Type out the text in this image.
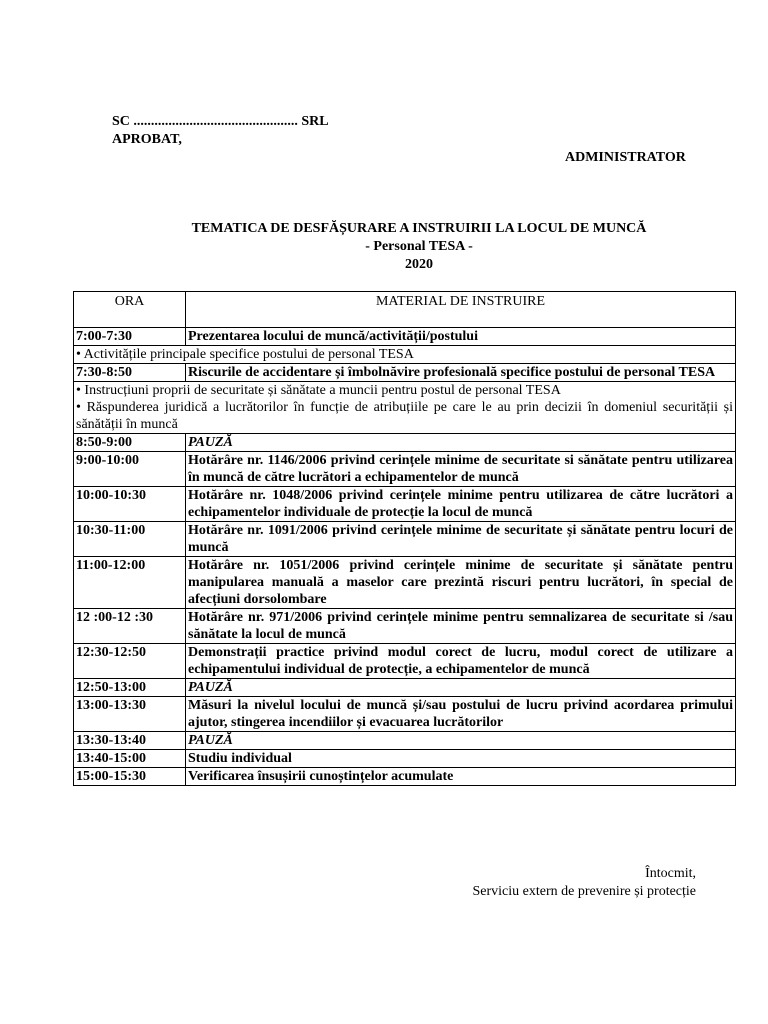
SC ............................................... SRL
APROBAT,
ADMINISTRATOR
TEMATICA DE DESFĂȘURARE A INSTRUIRII LA LOCUL DE MUNCĂ
- Personal TESA -
2020
ORA	MATERIAL DE INSTRUIRE
7:00-7:30	Prezentarea locului de muncă/activității/postului
• Activitățile principale specifice postului de personal TESA	
7:30-8:50	Riscurile de accidentare și îmbolnăvire profesională specifice postului de personal TESA
• Instrucțiuni proprii de securitate și sănătate a muncii pentru postul de personal TESA	
• Răspunderea juridică a lucrătorilor în funcție de atribuțiile pe care le au prin decizii în domeniul securității și sănătății în muncă	
8:50-9:00	PAUZĂ
9:00-10:00	Hotărâre nr. 1146/2006 privind cerințele minime de securitate si sănătate pentru utilizarea în muncă de către lucrători a echipamentelor de muncă
10:00-10:30	Hotărâre nr. 1048/2006 privind cerințele minime pentru utilizarea de către lucrători a echipamentelor individuale de protecție la locul de muncă
10:30-11:00	Hotărâre nr. 1091/2006 privind cerințele minime de securitate și sănătate pentru locuri de muncă
11:00-12:00	Hotărâre nr. 1051/2006 privind cerințele minime de securitate și sănătate pentru manipularea manuală a maselor care prezintă riscuri pentru lucrători, în special de afecțiuni dorsolombare
12 :00-12 :30	Hotărâre nr. 971/2006 privind cerințele minime pentru semnalizarea de securitate si /sau sănătate la locul de muncă
12:30-12:50	Demonstrații practice privind modul corect de lucru, modul corect de utilizare a echipamentului individual de protecție, a echipamentelor de muncă
12:50-13:00	PAUZĂ
13:00-13:30	Măsuri la nivelul locului de muncă și/sau postului de lucru privind acordarea primului ajutor, stingerea incendiilor și evacuarea lucrătorilor
13:30-13:40	PAUZĂ
13:40-15:00	Studiu individual
15:00-15:30	Verificarea însușirii cunoștințelor acumulate
Întocmit,
Serviciu extern de prevenire și protecție
